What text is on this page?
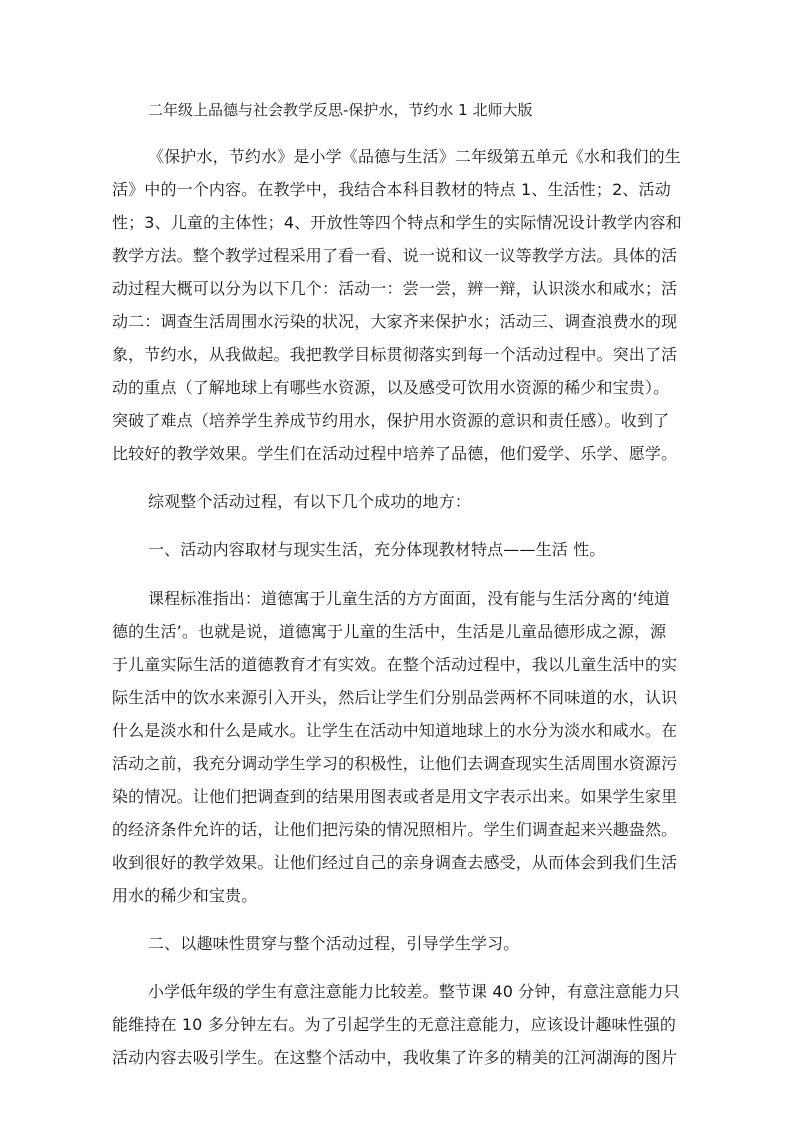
二年级上品德与社会教学反思-保护水，节约水 1 北师大版

《保护水，节约水》是小学《品德与生活》二年级第五单元《水和我们的生

活》中的一个内容。在教学中，我结合本科目教材的特点 1、生活性；2、活动

性；3、儿童的主体性；4、开放性等四个特点和学生的实际情况设计教学内容和

教学方法。整个教学过程采用了看一看、说一说和议一议等教学方法。具体的活

动过程大概可以分为以下几个：活动一：尝一尝，辨一辩，认识淡水和咸水；活

动二：调查生活周围水污染的状况，大家齐来保护水；活动三、调查浪费水的现

象，节约水，从我做起。我把教学目标贯彻落实到每一个活动过程中。突出了活

动的重点（了解地球上有哪些水资源，以及感受可饮用水资源的稀少和宝贵）。

突破了难点（培养学生养成节约用水，保护用水资源的意识和责任感）。收到了

比较好的教学效果。学生们在活动过程中培养了品德，他们爱学、乐学、愿学。

综观整个活动过程，有以下几个成功的地方：

一、活动内容取材与现实生活，充分体现教材特点——生活 性。

课程标准指出：道德寓于儿童生活的方方面面，没有能与生活分离的‘纯道

德的生活’。也就是说，道德寓于儿童的生活中，生活是儿童品德形成之源，源

于儿童实际生活的道德教育才有实效。在整个活动过程中，我以儿童生活中的实

际生活中的饮水来源引入开头，然后让学生们分别品尝两杯不同味道的水，认识

什么是淡水和什么是咸水。让学生在活动中知道地球上的水分为淡水和咸水。在

活动之前，我充分调动学生学习的积极性，让他们去调查现实生活周围水资源污

染的情况。让他们把调查到的结果用图表或者是用文字表示出来。如果学生家里

的经济条件允许的话，让他们把污染的情况照相片。学生们调查起来兴趣盎然。

收到很好的教学效果。让他们经过自己的亲身调查去感受，从而体会到我们生活

用水的稀少和宝贵。

二、以趣味性贯穿与整个活动过程，引导学生学习。

小学低年级的学生有意注意能力比较差。整节课 40 分钟，有意注意能力只

能维持在 10 多分钟左右。为了引起学生的无意注意能力，应该设计趣味性强的

活动内容去吸引学生。在这整个活动中，我收集了许多的精美的江河湖海的图片
